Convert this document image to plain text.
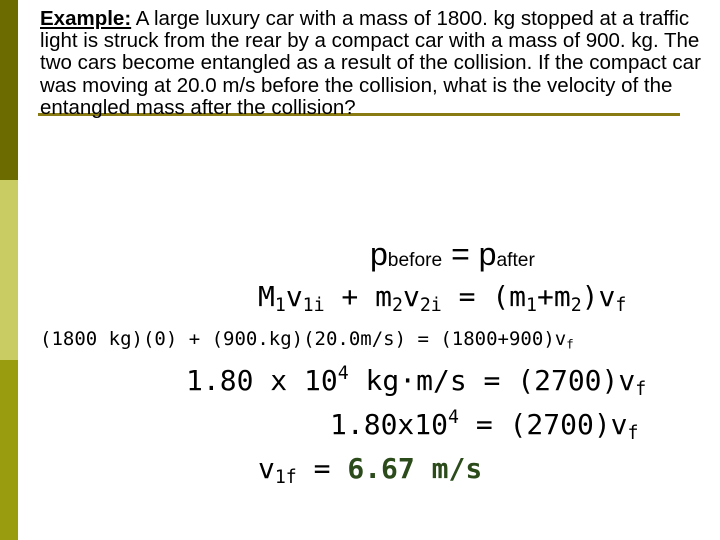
Example: A large luxury car with a mass of 1800. kg stopped at a traffic light is struck from the rear by a compact car with a mass of 900. kg. The two cars become entangled as a result of the collision. If the compact car was moving at 20.0 m/s before the collision, what is the velocity of the entangled mass after the collision?
$p_{before} = p_{after}$
$M_1v_{1i} + m_2v_{2i} = (m_1+m_2)v_f$
(1800 $kg)(0) + (900.kg)(20.0m/s) = (1800+900)v_f$
1.80 x $10^4$ $kg\cdot m/s = (2700)v_f$
$1.80x10^4 = (2700)v_f$
$v_{1f} = 6.67$ m/s
